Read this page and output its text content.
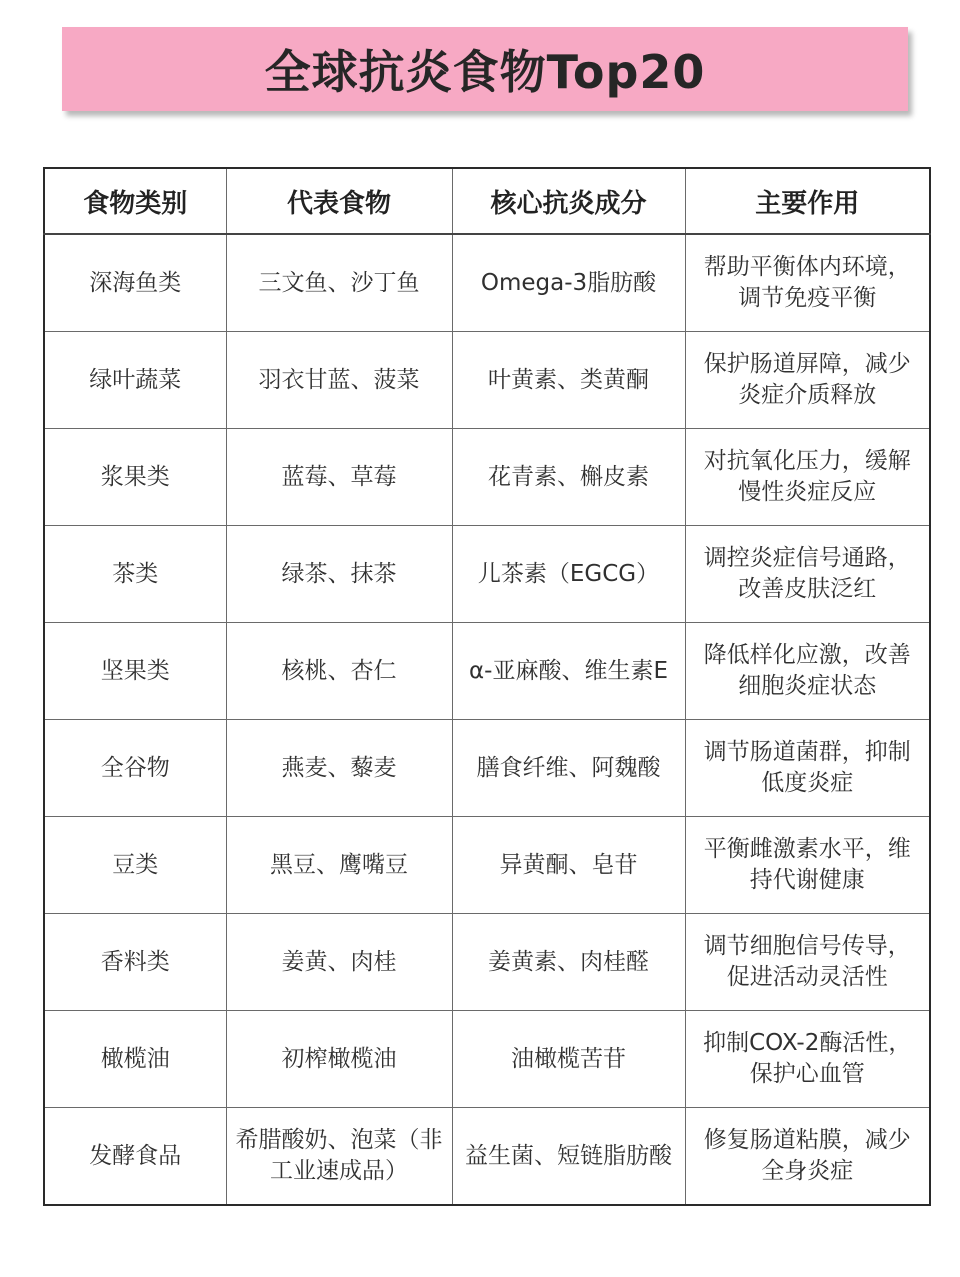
全球抗炎食物Top20
食物类别	代表食物	核心抗炎成分	主要作用
深海鱼类	三文鱼、沙丁鱼	Omega-3脂肪酸	帮助平衡体内环境，调节免疫平衡
绿叶蔬菜	羽衣甘蓝、菠菜	叶黄素、类黄酮	保护肠道屏障，减少炎症介质释放
浆果类	蓝莓、草莓	花青素、槲皮素	对抗氧化压力，缓解慢性炎症反应
茶类	绿茶、抹茶	儿茶素（EGCG）	调控炎症信号通路，改善皮肤泛红
坚果类	核桃、杏仁	α-亚麻酸、维生素E	降低样化应激，改善细胞炎症状态
全谷物	燕麦、藜麦	膳食纤维、阿魏酸	调节肠道菌群，抑制低度炎症
豆类	黑豆、鹰嘴豆	异黄酮、皂苷	平衡雌激素水平，维持代谢健康
香料类	姜黄、肉桂	姜黄素、肉桂醛	调节细胞信号传导，促进活动灵活性
橄榄油	初榨橄榄油	油橄榄苦苷	抑制COX-2酶活性，保护心血管
发酵食品	希腊酸奶、泡菜（非工业速成品）	益生菌、短链脂肪酸	修复肠道粘膜，减少全身炎症
